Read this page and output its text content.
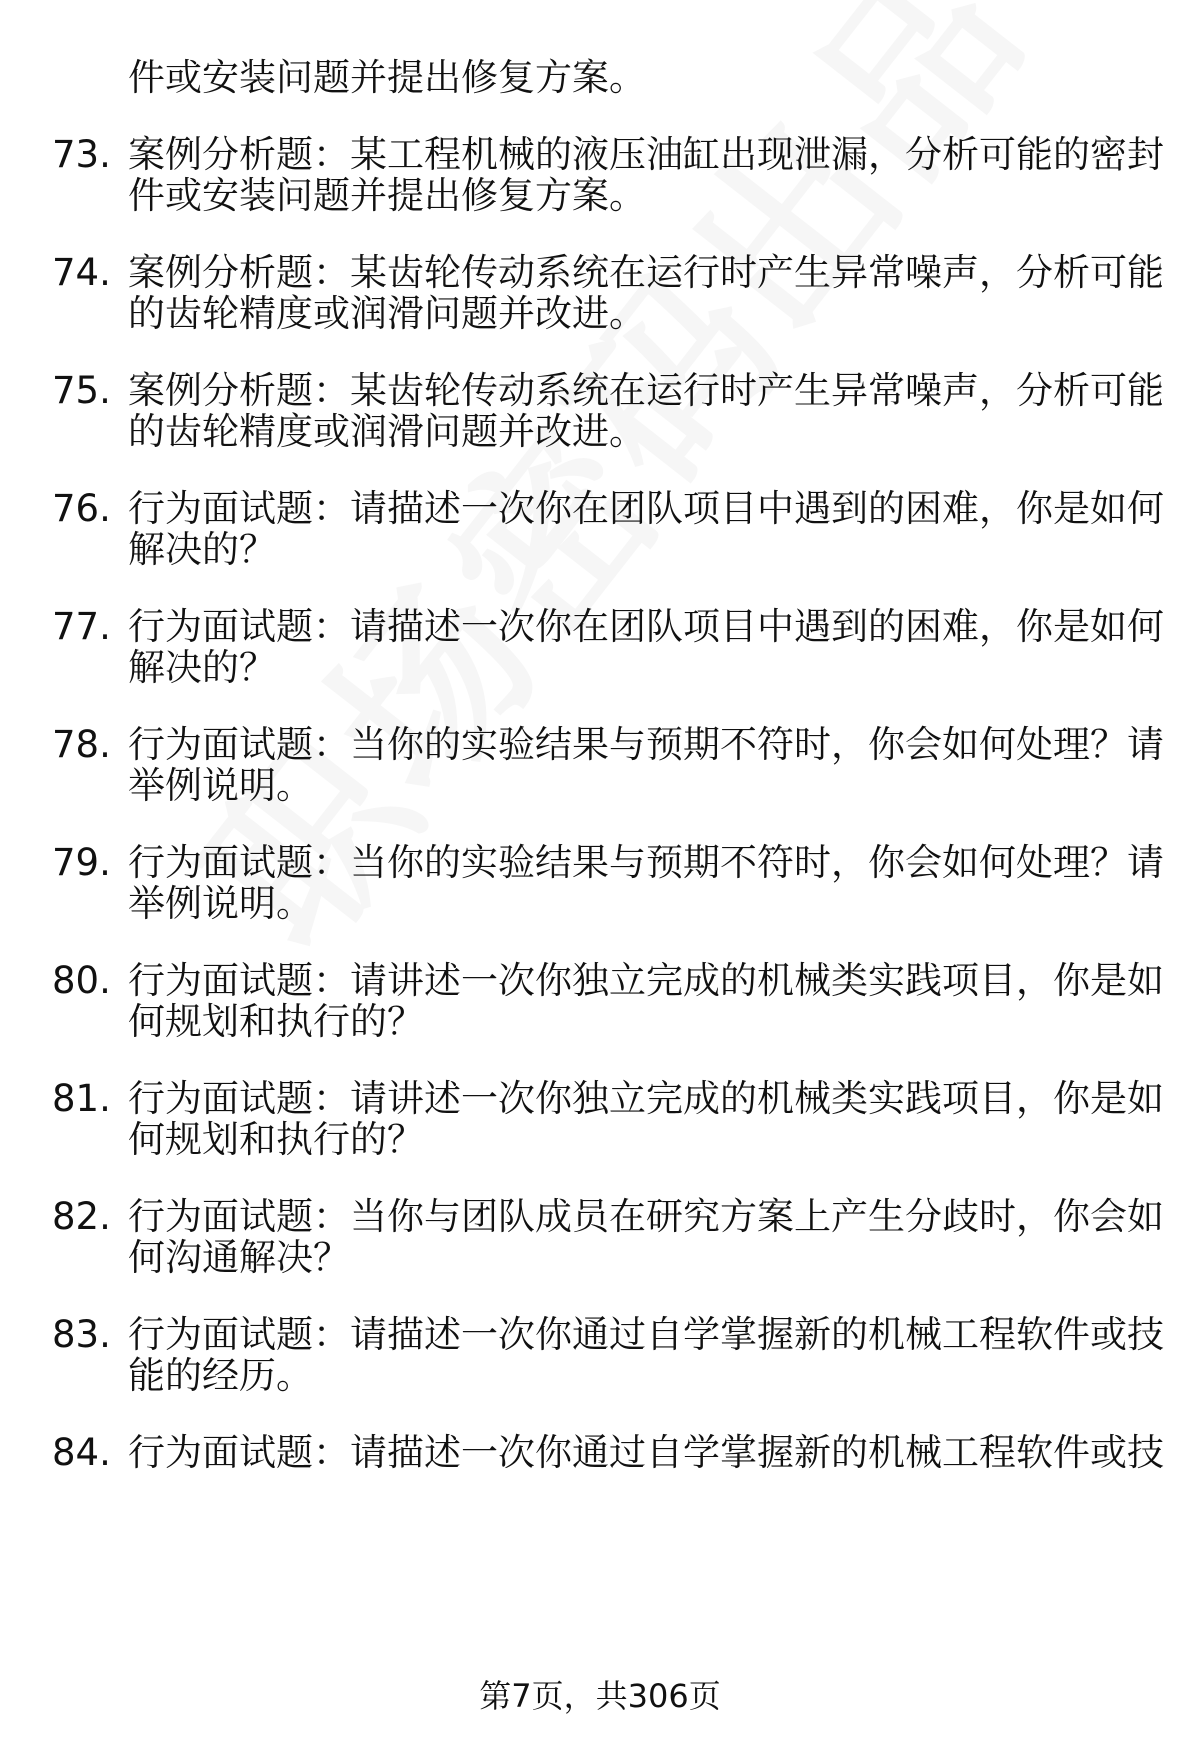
件或安装问题并提出修复方案。
73. 案例分析题：某工程机械的液压油缸出现泄漏，分析可能的密封
件或安装问题并提出修复方案。
74. 案例分析题：某齿轮传动系统在运行时产生异常噪声，分析可能
的齿轮精度或润滑问题并改进。
75. 案例分析题：某齿轮传动系统在运行时产生异常噪声，分析可能
的齿轮精度或润滑问题并改进。
76. 行为面试题：请描述一次你在团队项目中遇到的困难，你是如何
解决的？
77. 行为面试题：请描述一次你在团队项目中遇到的困难，你是如何
解决的？
78. 行为面试题：当你的实验结果与预期不符时，你会如何处理？请
举例说明。
79. 行为面试题：当你的实验结果与预期不符时，你会如何处理？请
举例说明。
80. 行为面试题：请讲述一次你独立完成的机械类实践项目，你是如
何规划和执行的？
81. 行为面试题：请讲述一次你独立完成的机械类实践项目，你是如
何规划和执行的？
82. 行为面试题：当你与团队成员在研究方案上产生分歧时，你会如
何沟通解决？
83. 行为面试题：请描述一次你通过自学掌握新的机械工程软件或技
能的经历。
84. 行为面试题：请描述一次你通过自学掌握新的机械工程软件或技
第7页，共306页
